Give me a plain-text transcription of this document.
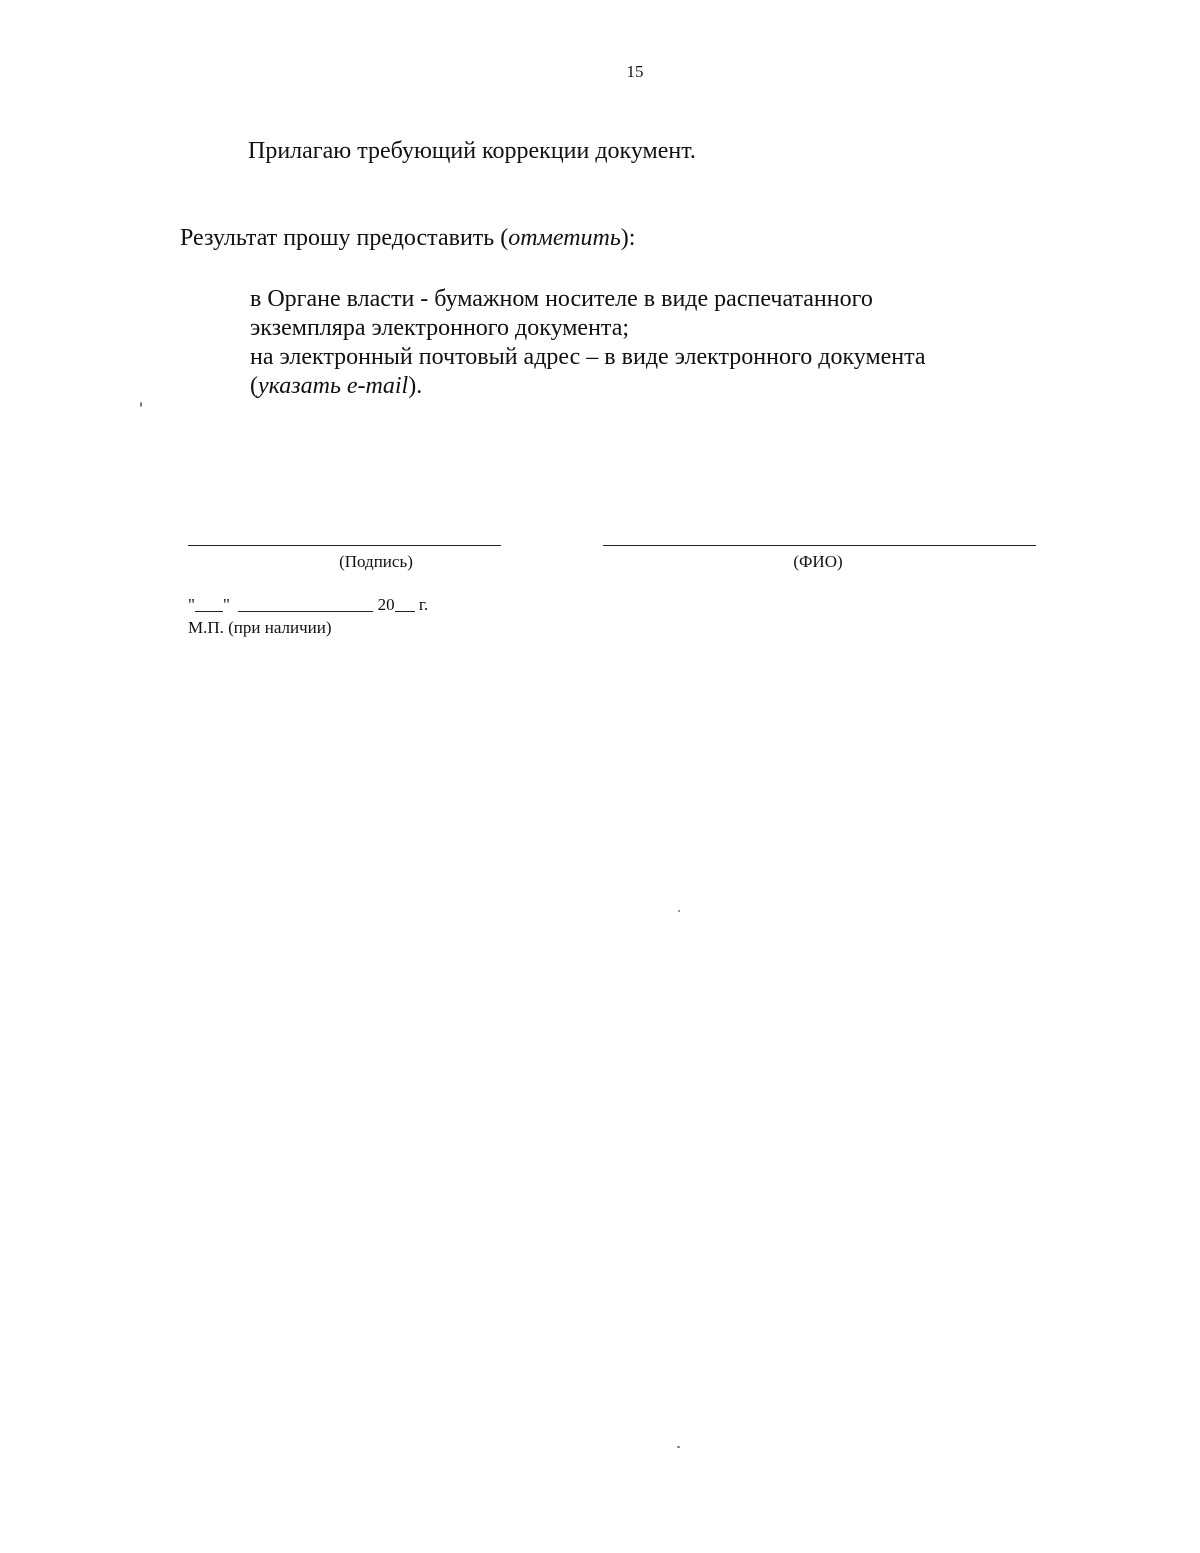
15
Прилагаю требующий коррекции документ.
Результат прошу предоставить (отметить):
в Органе власти - бумажном носителе в виде распечатанного
экземпляра электронного документа;
на электронный почтовый адрес – в виде электронного документа
(указать e-mail).
(Подпись)	(ФИО)
" "	20 г.
М.П. (при наличии)
